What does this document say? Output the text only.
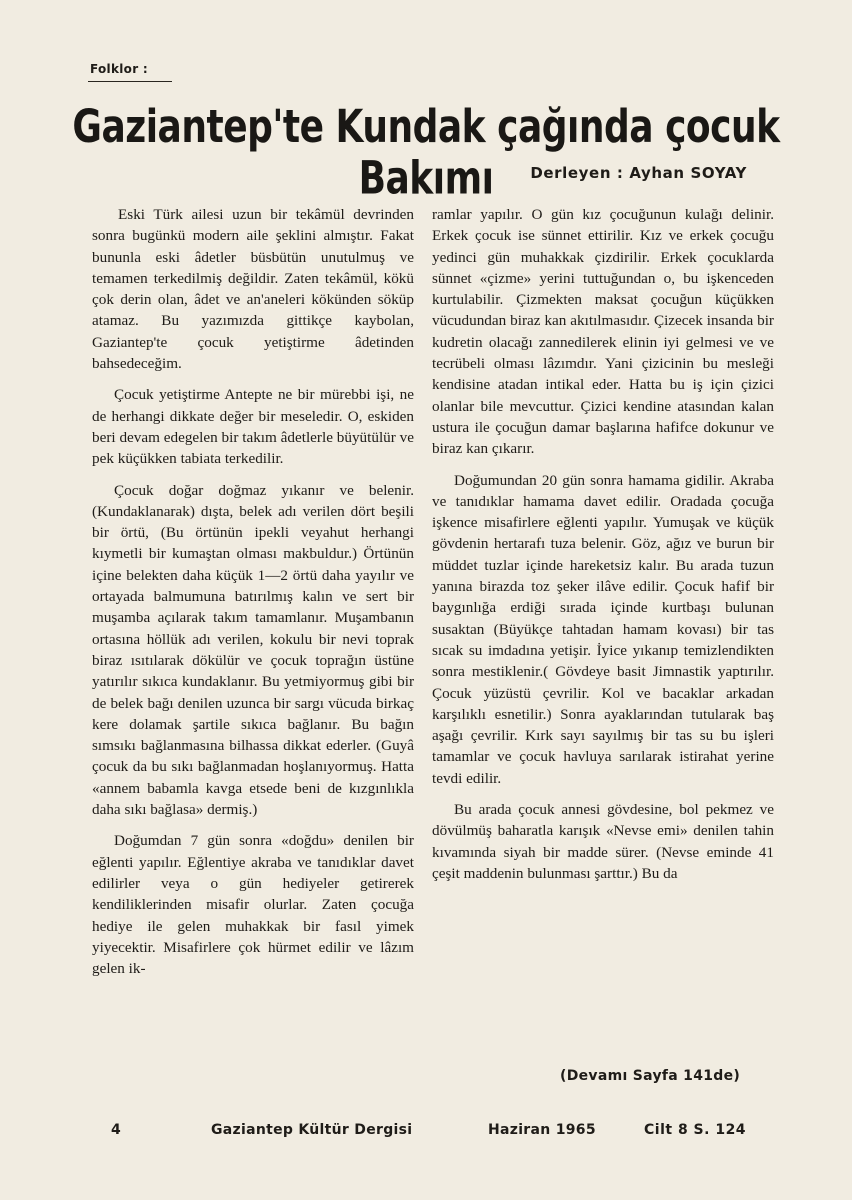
Folklor :
Gaziantep'te Kundak çağında çocuk Bakımı	Derleyen : Ayhan SOYAY

Eski Türk ailesi uzun bir tekâmül devrinden sonra bugünkü modern aile şeklini almıştır. Fakat bununla eski âdetler büsbütün unutulmuş ve temamen terkedilmiş değildir. Zaten tekâmül, kökü çok derin olan, âdet ve an'aneleri kökünden söküp atamaz. Bu yazımızda gittikçe kaybolan, Gaziantep'te çocuk yetiştirme âdetinden bahsedeceğim.

Çocuk yetiştirme Antepte ne bir mürebbi işi, ne de herhangi dikkate değer bir meseledir. O, eskiden beri devam edegelen bir takım âdetlerle büyütülür ve pek küçükken tabiata terkedilir.

Çocuk doğar doğmaz yıkanır ve belenir. (Kundaklanarak) dışta, belek adı verilen dört beşili bir örtü, (Bu örtünün ipekli veyahut herhangi kıymetli bir kumaştan olması makbuldur.) Örtünün içine belekten daha küçük 1—2 örtü daha yayılır ve ortayada balmumuna batırılmış kalın ve sert bir muşamba açılarak takım tamamlanır. Muşambanın ortasına höllük adı verilen, kokulu bir nevi toprak biraz ısıtılarak dökülür ve çocuk toprağın üstüne yatırılır sıkıca kundaklanır. Bu yetmiyormuş gibi bir de belek bağı denilen uzunca bir sargı vücuda birkaç kere dolamak şartile sıkıca bağlanır. Bu bağın sımsıkı bağlanmasına bilhassa dikkat ederler. (Guyâ çocuk da bu sıkı bağlanmadan hoşlanıyormuş. Hatta «annem babamla kavga etsede beni de kızgınlıkla daha sıkı bağlasa» dermiş.)

Doğumdan 7 gün sonra «doğdu» denilen bir eğlenti yapılır. Eğlentiye akraba ve tanıdıklar davet edilirler veya o gün hediyeler getirerek kendiliklerinden misafir olurlar. Zaten çocuğa hediye ile gelen muhakkak bir fasıl yimek yiyecektir. Misafirlere çok hürmet edilir ve lâzım gelen ik-

ramlar yapılır. O gün kız çocuğunun kulağı delinir. Erkek çocuk ise sünnet ettirilir. Kız ve erkek çocuğu yedinci gün muhakkak çizdirilir. Erkek çocuklarda sünnet «çizme» yerini tuttuğundan o, bu işkenceden kurtulabilir. Çizmekten maksat çocuğun küçükken vücudundan biraz kan akıtılmasıdır. Çizecek insanda bir kudretin olacağı zannedilerek elinin iyi gelmesi ve ve tecrübeli olması lâzımdır. Yani çizicinin bu mesleği kendisine atadan intikal eder. Hatta bu iş için çizici olanlar bile mevcuttur. Çizici kendine atasından kalan ustura ile çocuğun damar başlarına hafifce dokunur ve biraz kan çıkarır.

Doğumundan 20 gün sonra hamama gidilir. Akraba ve tanıdıklar hamama davet edilir. Oradada çocuğa işkence misafirlere eğlenti yapılır. Yumuşak ve küçük gövdenin hertarafı tuza belenir. Göz, ağız ve burun bir müddet tuzlar içinde hareketsiz kalır. Bu arada tuzun yanına birazda toz şeker ilâve edilir. Çocuk hafif bir baygınlığa erdiği sırada içinde kurtbaşı bulunan susaktan (Büyükçe tahtadan hamam kovası) bir tas sıcak su imdadına yetişir. İyice yıkanıp temizlendikten sonra mestiklenir.( Gövdeye basit Jimnastik yaptırılır. Çocuk yüzüstü çevrilir. Kol ve bacaklar arkadan karşılıklı esnetilir.) Sonra ayaklarından tutularak baş aşağı çevrilir. Kırk sayı sayılmış bir tas su bu işleri tamamlar ve çocuk havluya sarılarak istirahat yerine tevdi edilir.

Bu arada çocuk annesi gövdesine, bol pekmez ve dövülmüş baharatla karışık «Nevse emi» denilen tahin kıvamında siyah bir madde sürer. (Nevse eminde 41 çeşit maddenin bulunması şarttır.) Bu da

(Devamı Sayfa 141de)
4	Gaziantep Kültür Dergisi	Haziran 1965	Cilt 8 S. 124
